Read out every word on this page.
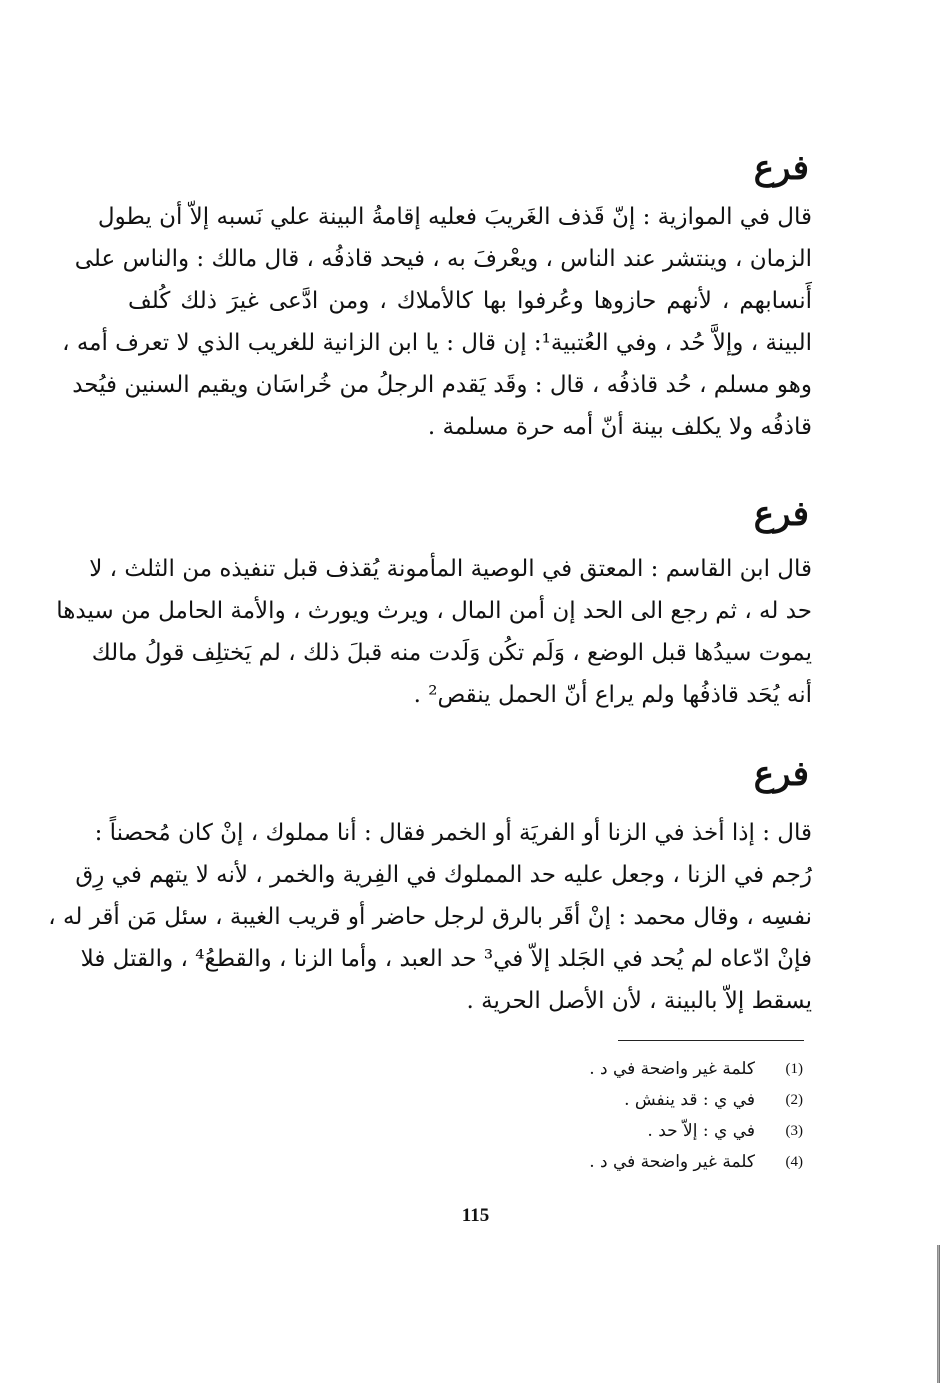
فرع
قال في الموازية : إنّ قَذف الغَريبَ فعليه إقامةُ البينة علي نَسبه إلاّ أن يطول
الزمان ، وينتشر عند الناس ، ويعْرفَ به ، فيحد قاذفُه ، قال مالك : والناس على
أَنسابهم ، لأنهم حازوها وعُرفوا بها كالأملاك ، ومن ادَّعى غيرَ ذلك كُلف
البينة ، وإلاَّ حُد ، وفي العُتبية¹: إن قال : يا ابن الزانية للغريب الذي لا تعرف أمه ،
وهو مسلم ، حُد قاذفُه ، قال : وقَد يَقدم الرجلُ من خُراسَان ويقيم السنين فيُحد
قاذفُه ولا يكلف بينة أنّ أمه حرة مسلمة .
فرع
قال ابن القاسم : المعتق في الوصية المأمونة يُقذف قبل تنفيذه من الثلث ، لا
حد له ، ثم رجع الى الحد إن أمن المال ، ويرث ويورث ، والأمة الحامل من سيدها
يموت سيدُها قبل الوضع ، وَلَم تكُن وَلَدت منه قبلَ ذلك ، لم يَختلِف قولُ مالك
أنه يُحَد قاذفُها ولم يراع أنّ الحمل ينقص² .
فرع
قال : إذا أخذ في الزنا أو الفريَة أو الخمر فقال : أنا مملوك ، إنْ كان مُحصناً :
رُجم في الزنا ، وجعل عليه حد المملوك في الفِرية والخمر ، لأنه لا يتهم في رِق
نفسِه ، وقال محمد : إنْ أقَر بالرق لرجل حاضر أو قريب الغيبة ، سئل مَن أقر له ،
فإنْ ادّعاه لم يُحد في الجَلد إلاّ في³ حد العبد ، وأما الزنا ، والقطعُ⁴ ، والقتل فلا
يسقط إلاّ بالبينة ، لأن الأصل الحرية .
(1)
كلمة غير واضحة في د .
(2)
في ي : قد ينفش .
(3)
في ي : إلاّ حد .
(4)
كلمة غير واضحة في د .
115
